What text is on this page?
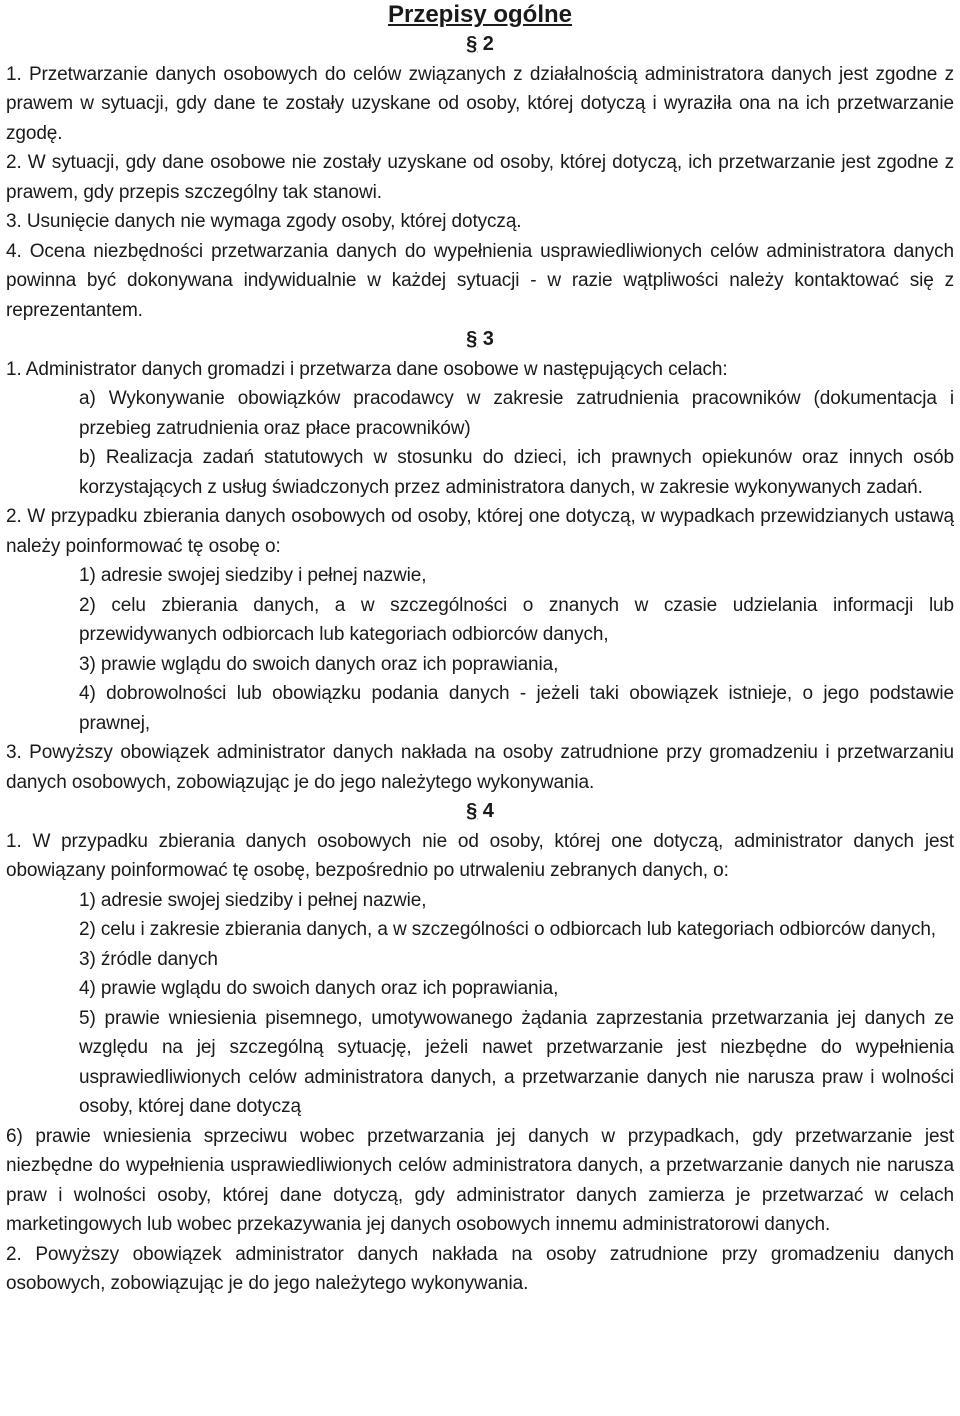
Przepisy ogólne
§ 2

1. Przetwarzanie danych osobowych do celów związanych z działalnością administratora danych jest zgodne z prawem w sytuacji, gdy dane te zostały uzyskane od osoby, której dotyczą i wyraziła ona na ich przetwarzanie zgodę.

2. W sytuacji, gdy dane osobowe nie zostały uzyskane od osoby, której dotyczą, ich przetwarzanie jest zgodne z prawem, gdy przepis szczególny tak stanowi.

3. Usunięcie danych nie wymaga zgody osoby, której dotyczą.

4. Ocena niezbędności przetwarzania danych do wypełnienia usprawiedliwionych celów administratora danych powinna być dokonywana indywidualnie w każdej sytuacji - w razie wątpliwości należy kontaktować się z reprezentantem.

§ 3

1. Administrator danych gromadzi i przetwarza dane osobowe w następujących celach:

a) Wykonywanie obowiązków pracodawcy w zakresie zatrudnienia pracowników (dokumentacja i przebieg zatrudnienia oraz płace pracowników)

b) Realizacja zadań statutowych w stosunku do dzieci, ich prawnych opiekunów oraz innych osób korzystających z usług świadczonych przez administratora danych, w zakresie wykonywanych zadań.

2. W przypadku zbierania danych osobowych od osoby, której one dotyczą, w wypadkach przewidzianych ustawą należy poinformować tę osobę o:

1) adresie swojej siedziby i pełnej nazwie,

2) celu zbierania danych, a w szczególności o znanych w czasie udzielania informacji lub przewidywanych odbiorcach lub kategoriach odbiorców danych,

3) prawie wglądu do swoich danych oraz ich poprawiania,

4) dobrowolności lub obowiązku podania danych - jeżeli taki obowiązek istnieje, o jego podstawie prawnej,

3. Powyższy obowiązek administrator danych nakłada na osoby zatrudnione przy gromadzeniu i przetwarzaniu danych osobowych, zobowiązując je do jego należytego wykonywania.

§ 4

1. W przypadku zbierania danych osobowych nie od osoby, której one dotyczą, administrator danych jest obowiązany poinformować tę osobę, bezpośrednio po utrwaleniu zebranych danych, o:

1) adresie swojej siedziby i pełnej nazwie,

2) celu i zakresie zbierania danych, a w szczególności o odbiorcach lub kategoriach odbiorców danych,

3) źródle danych

4) prawie wglądu do swoich danych oraz ich poprawiania,

5) prawie wniesienia pisemnego, umotywowanego żądania zaprzestania przetwarzania jej danych ze względu na jej szczególną sytuację, jeżeli nawet przetwarzanie jest niezbędne do wypełnienia usprawiedliwionych celów administratora danych, a przetwarzanie danych nie narusza praw i wolności osoby, której dane dotyczą

6) prawie wniesienia sprzeciwu wobec przetwarzania jej danych w przypadkach, gdy przetwarzanie jest niezbędne do wypełnienia usprawiedliwionych celów administratora danych, a przetwarzanie danych nie narusza praw i wolności osoby, której dane dotyczą, gdy administrator danych zamierza je przetwarzać w celach marketingowych lub wobec przekazywania jej danych osobowych innemu administratorowi danych.

2. Powyższy obowiązek administrator danych nakłada na osoby zatrudnione przy gromadzeniu danych osobowych, zobowiązując je do jego należytego wykonywania.
